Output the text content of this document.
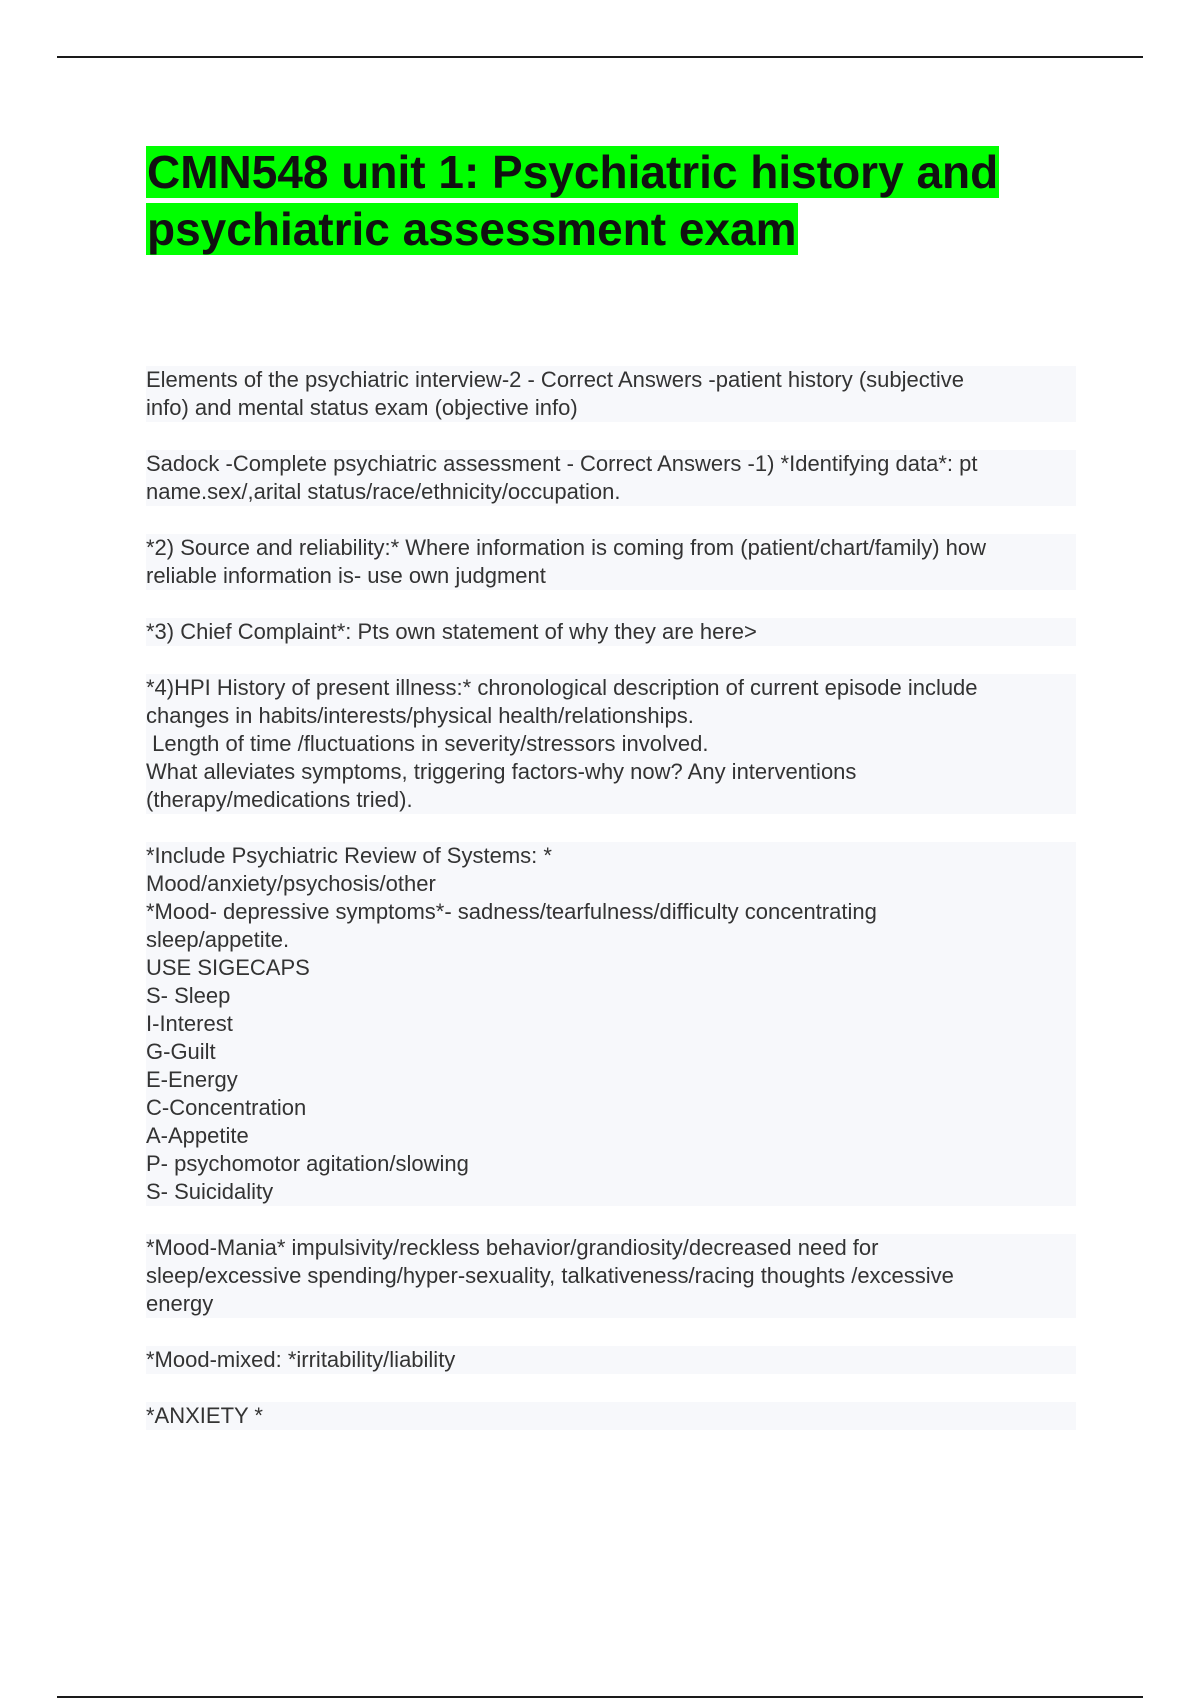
CMN548 unit 1: Psychiatric history and
psychiatric assessment exam
Elements of the psychiatric interview-2 - Correct Answers -patient history (subjective
info) and mental status exam (objective info)
Sadock -Complete psychiatric assessment - Correct Answers -1) *Identifying data*: pt
name.sex/,arital status/race/ethnicity/occupation.
*2) Source and reliability:* Where information is coming from (patient/chart/family) how
reliable information is- use own judgment
*3) Chief Complaint*: Pts own statement of why they are here>
*4)HPI History of present illness:* chronological description of current episode include
changes in habits/interests/physical health/relationships.
Length of time /fluctuations in severity/stressors involved.
What alleviates symptoms, triggering factors-why now? Any interventions
(therapy/medications tried).
*Include Psychiatric Review of Systems: *
Mood/anxiety/psychosis/other
*Mood- depressive symptoms*- sadness/tearfulness/difficulty concentrating
sleep/appetite.
USE SIGECAPS
S- Sleep
I-Interest
G-Guilt
E-Energy
C-Concentration
A-Appetite
P- psychomotor agitation/slowing
S- Suicidality
*Mood-Mania* impulsivity/reckless behavior/grandiosity/decreased need for
sleep/excessive spending/hyper-sexuality, talkativeness/racing thoughts /excessive
energy
*Mood-mixed: *irritability/liability
*ANXIETY *
